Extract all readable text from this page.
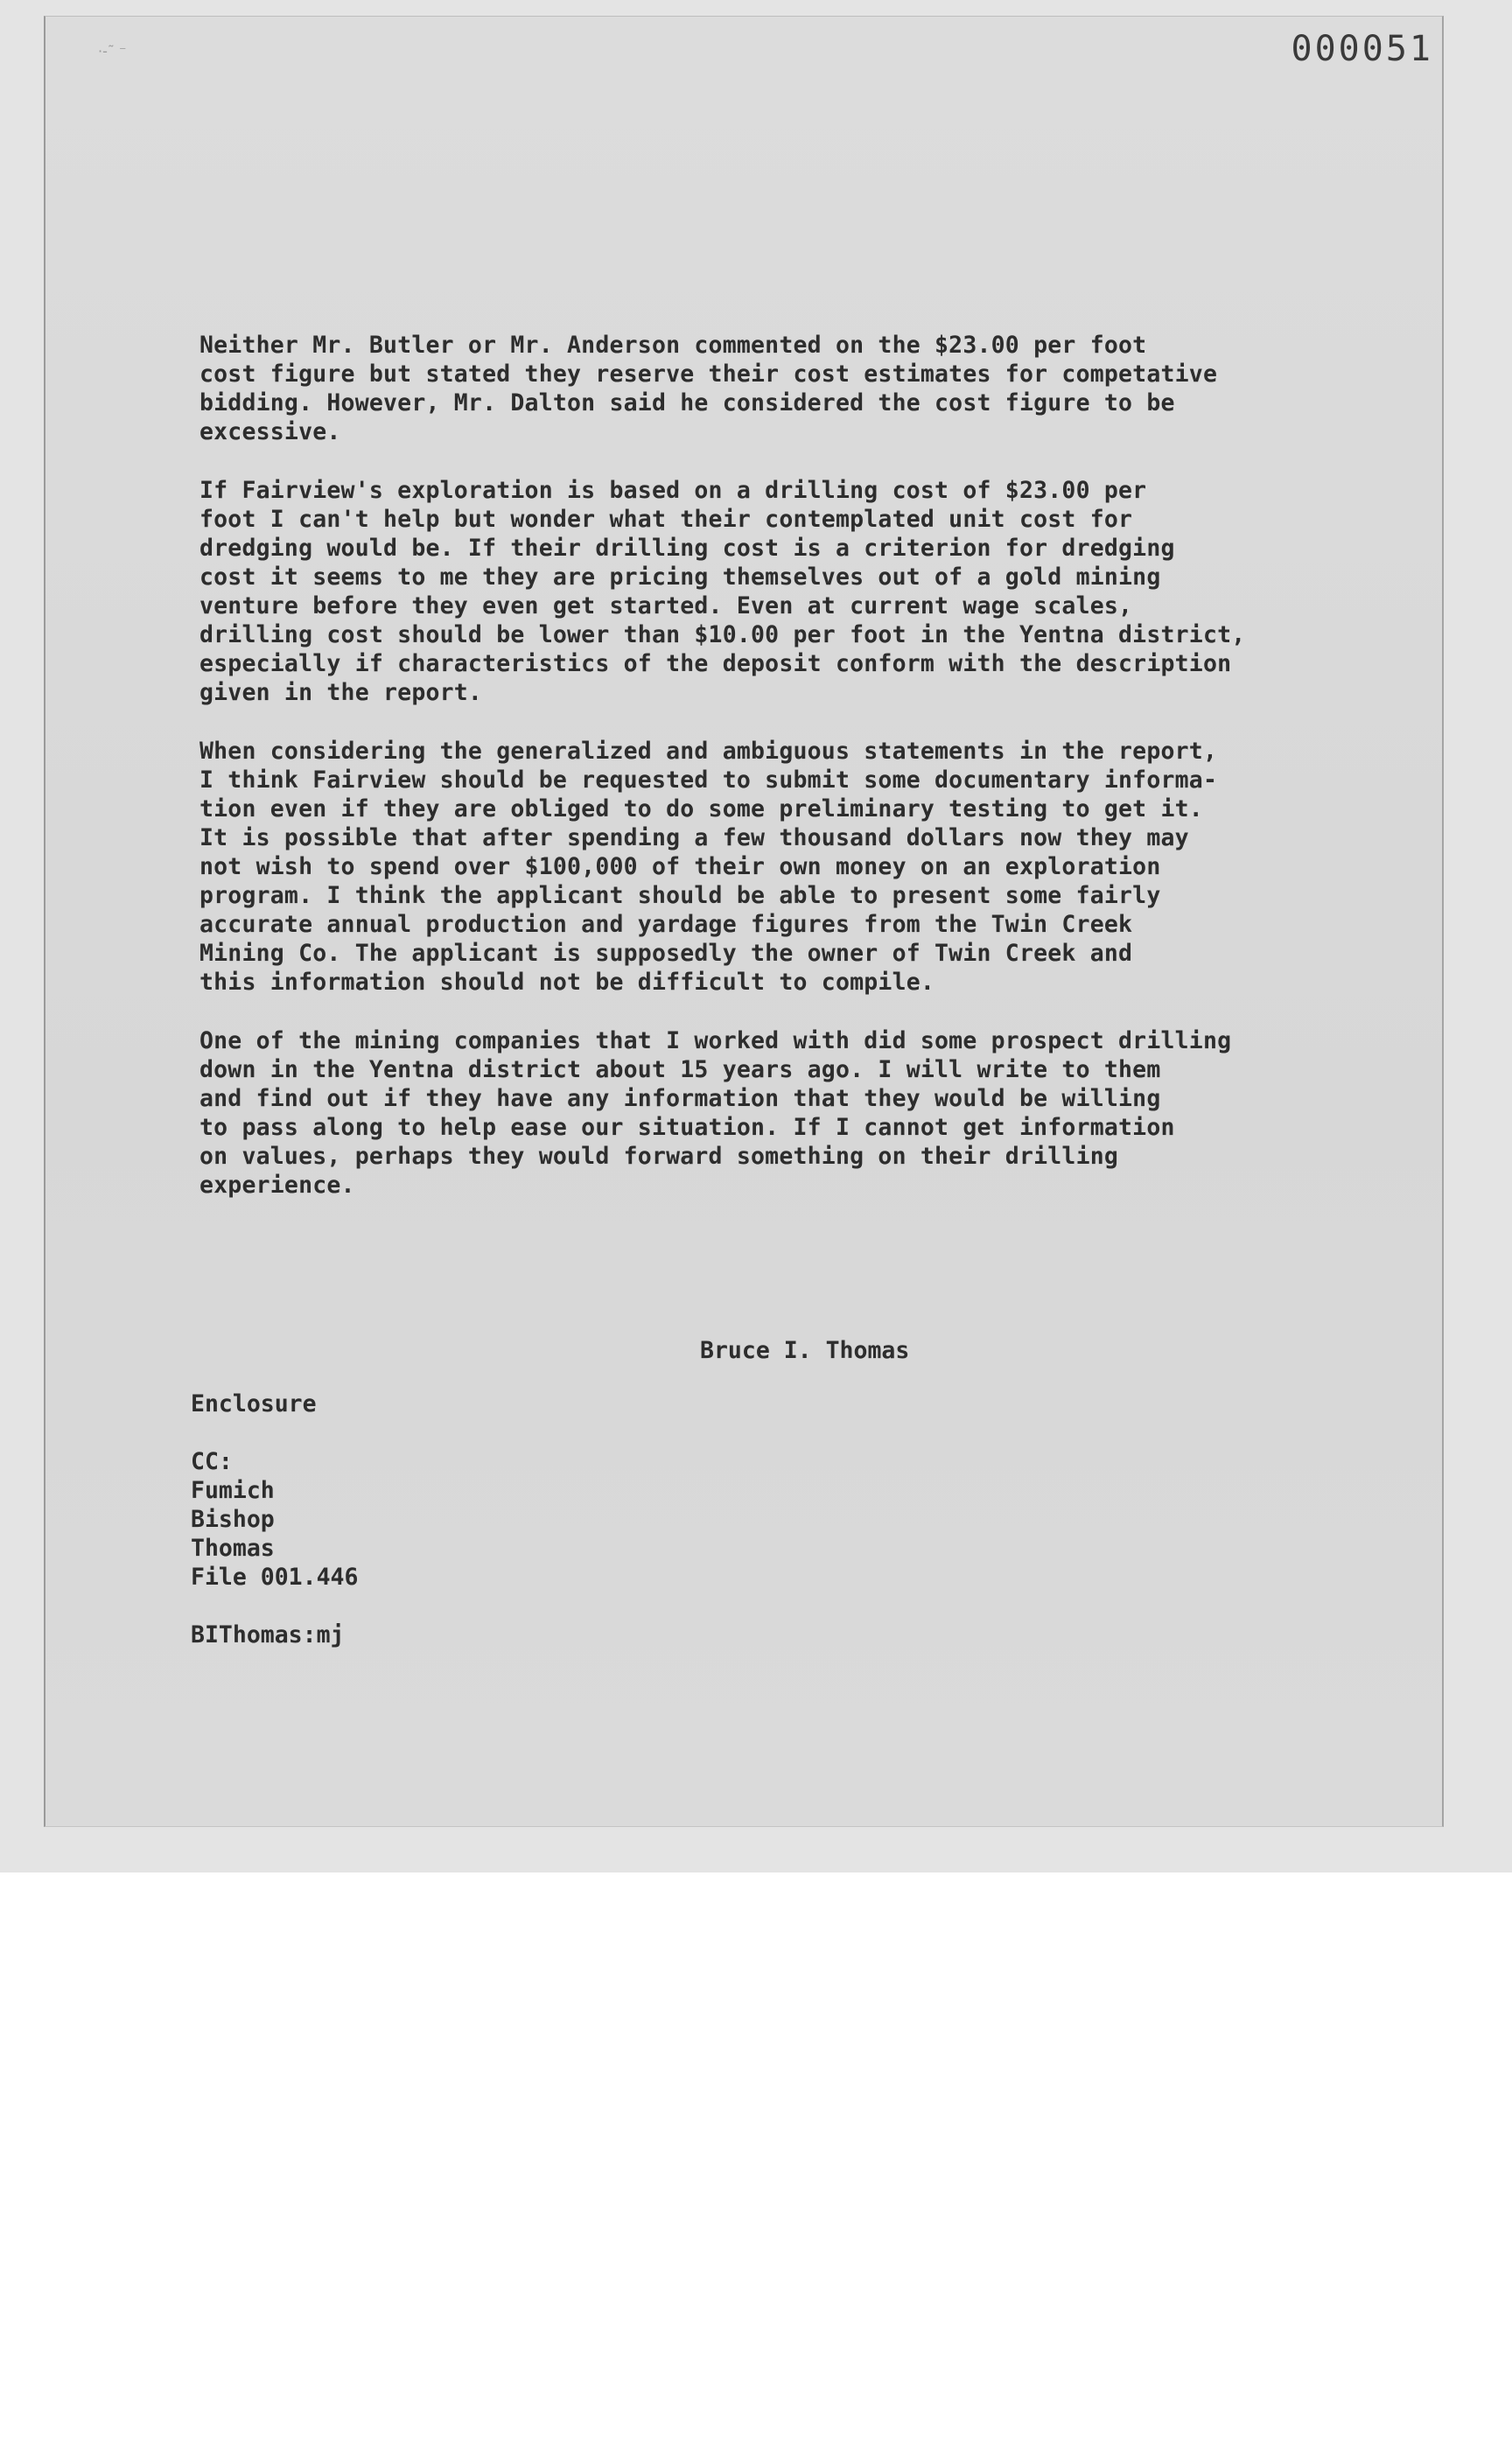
·‐˜ ⁻	000051

Neither Mr. Butler or Mr. Anderson commented on the $23.00 per foot
cost figure but stated they reserve their cost estimates for competative
bidding. However, Mr. Dalton said he considered the cost figure to be
excessive.

If Fairview's exploration is based on a drilling cost of $23.00 per
foot I can't help but wonder what their contemplated unit cost for
dredging would be. If their drilling cost is a criterion for dredging
cost it seems to me they are pricing themselves out of a gold mining
venture before they even get started. Even at current wage scales,
drilling cost should be lower than $10.00 per foot in the Yentna district,
especially if characteristics of the deposit conform with the description
given in the report.

When considering the generalized and ambiguous statements in the report,
I think Fairview should be requested to submit some documentary informa-
tion even if they are obliged to do some preliminary testing to get it.
It is possible that after spending a few thousand dollars now they may
not wish to spend over $100,000 of their own money on an exploration
program. I think the applicant should be able to present some fairly
accurate annual production and yardage figures from the Twin Creek
Mining Co. The applicant is supposedly the owner of Twin Creek and
this information should not be difficult to compile.

One of the mining companies that I worked with did some prospect drilling
down in the Yentna district about 15 years ago. I will write to them
and find out if they have any information that they would be willing
to pass along to help ease our situation. If I cannot get information
on values, perhaps they would forward something on their drilling
experience.

Bruce I. Thomas
Enclosure
CC:
Fumich
Bishop
Thomas
File 001.446
BIThomas:mj
